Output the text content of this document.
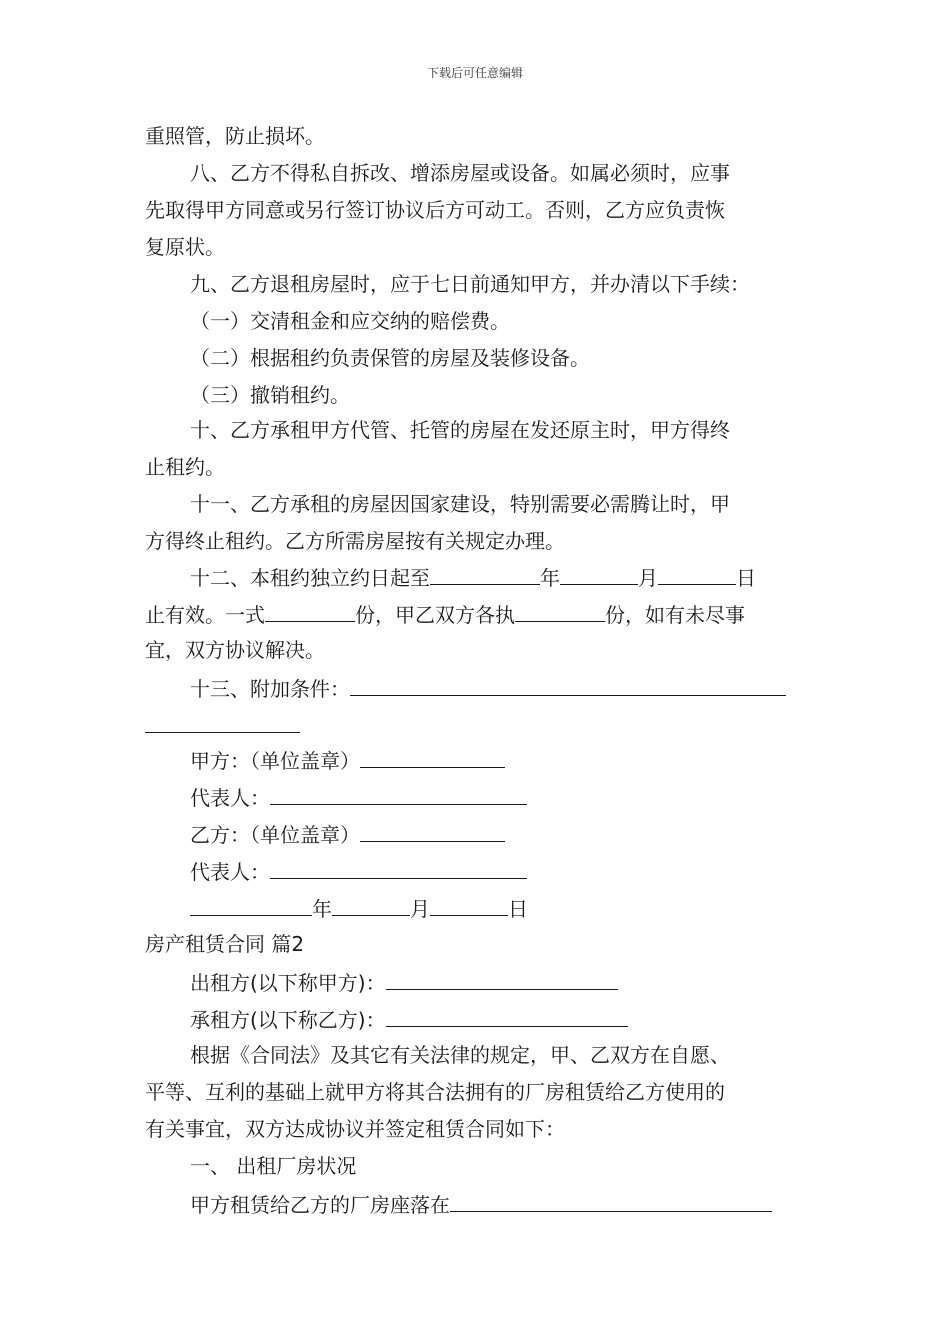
下载后可任意编辑
重照管，防止损坏。
八、乙方不得私自拆改、增添房屋或设备。如属必须时，应事
先取得甲方同意或另行签订协议后方可动工。否则，乙方应负责恢
复原状。
九、乙方退租房屋时，应于七日前通知甲方，并办清以下手续：
（一）交清租金和应交纳的赔偿费。
（二）根据租约负责保管的房屋及装修设备。
（三）撤销租约。
十、乙方承租甲方代管、托管的房屋在发还原主时，甲方得终
止租约。
十一、乙方承租的房屋因国家建设，特别需要必需腾让时，甲
方得终止租约。乙方所需房屋按有关规定办理。
十二、本租约独立约日起至	年	月	日
止有效。一式	份，甲乙双方各执	份，如有未尽事
宜，双方协议解决。
十三、附加条件：
甲方：（单位盖章）
代表人：
乙方：（单位盖章）
代表人：
年	月	日
房产租赁合同 篇2
出租方(以下称甲方)：
承租方(以下称乙方)：
根据《合同法》及其它有关法律的规定，甲、乙双方在自愿、
平等、互利的基础上就甲方将其合法拥有的厂房租赁给乙方使用的
有关事宜，双方达成协议并签定租赁合同如下：
一、 出租厂房状况
甲方租赁给乙方的厂房座落在
